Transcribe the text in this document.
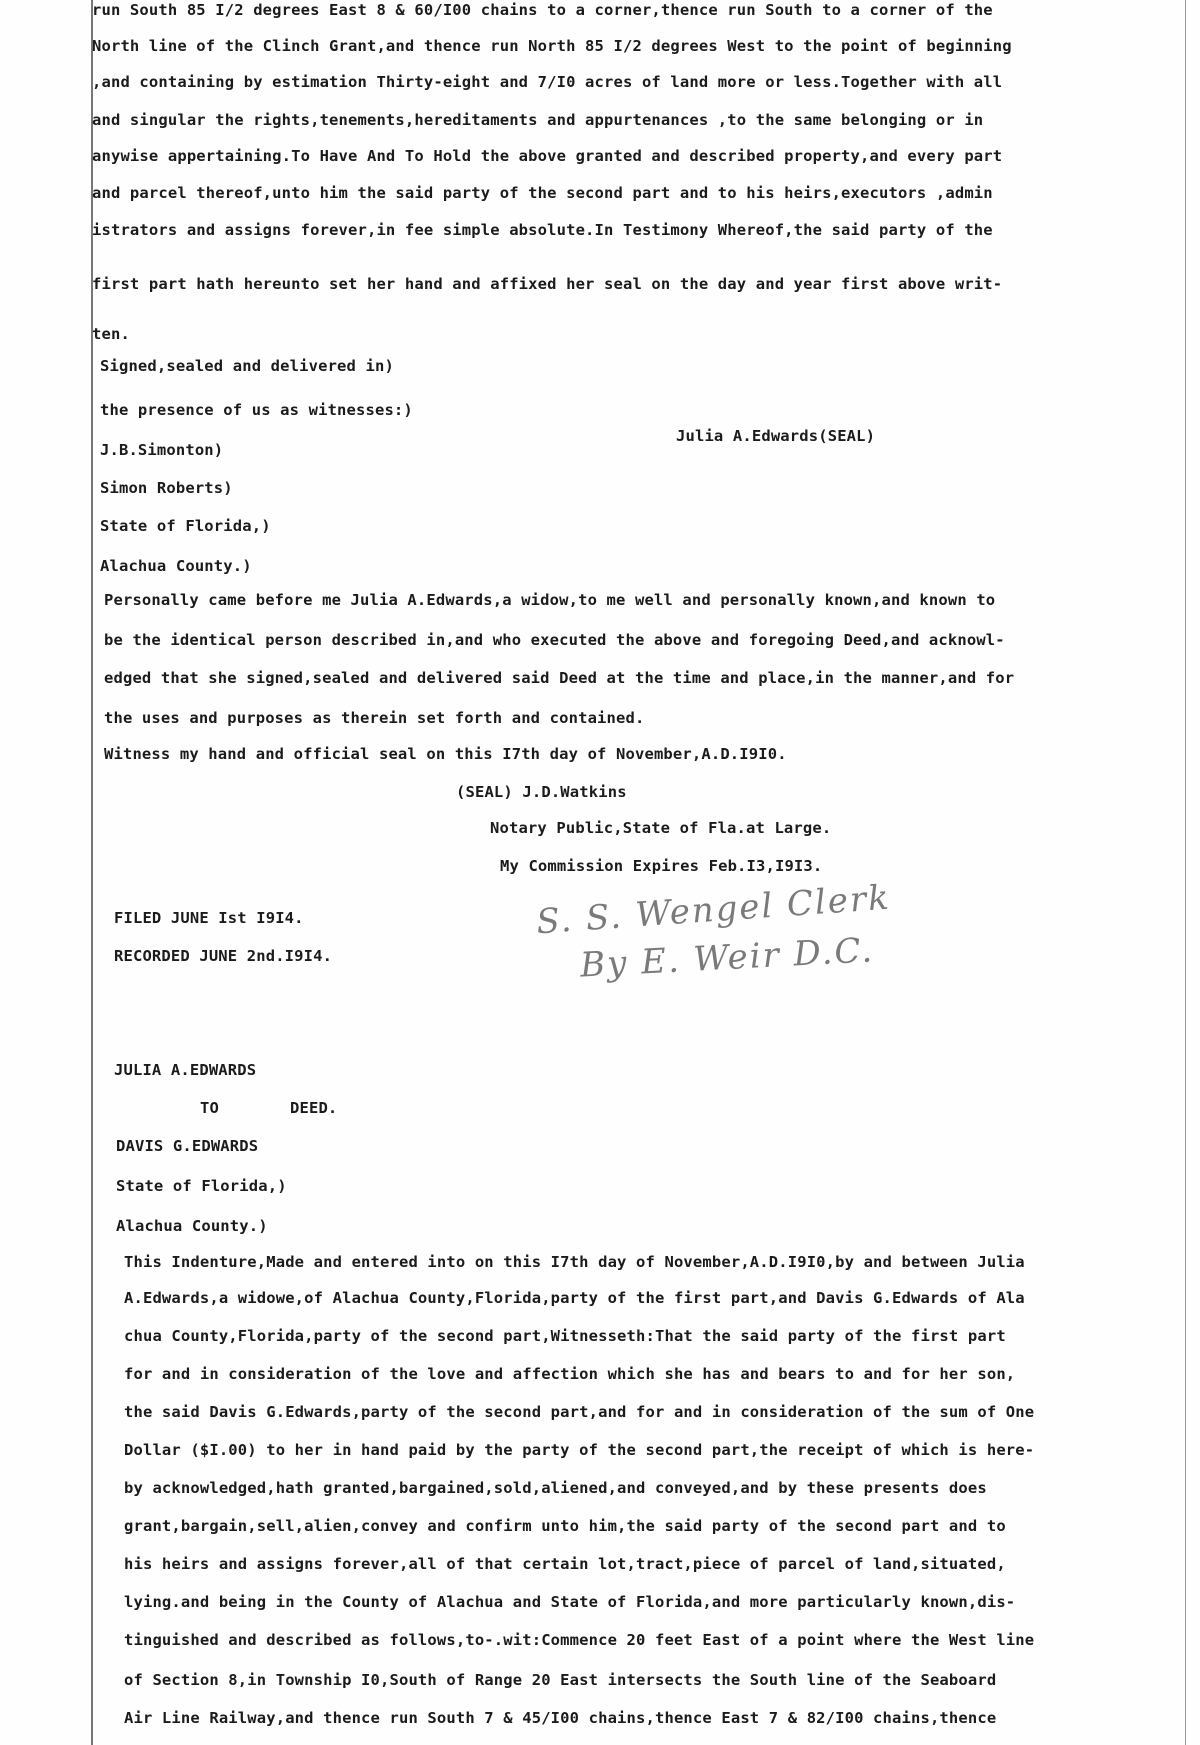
run South 85 I/2 degrees East 8 & 60/I00 chains to a corner,thence run South to a corner of the
North line of the Clinch Grant,and thence run North 85 I/2 degrees West to the point of beginning
,and containing by estimation Thirty-eight and 7/I0 acres of land more or less.Together with all
and singular the rights,tenements,hereditaments and appurtenances ,to the same belonging or in
anywise appertaining.To Have And To Hold the above granted and described property,and every part
and parcel thereof,unto him the said party of the second part and to his heirs,executors ,admin
istrators and assigns forever,in fee simple absolute.In Testimony Whereof,the said party of the
first part hath hereunto set her hand and affixed her seal on the day and year first above writ-
ten.
Signed,sealed and delivered in)
the presence of us as witnesses:)
Julia A.Edwards(SEAL)
J.B.Simonton)
Simon Roberts)
State of Florida,)
Alachua County.)
Personally came before me Julia A.Edwards,a widow,to me well and personally known,and known to
be the identical person described in,and who executed the above and foregoing Deed,and acknowl-
edged that she signed,sealed and delivered said Deed at the time and place,in the manner,and for
the uses and purposes as therein set forth and contained.
Witness my hand and official seal on this I7th day of November,A.D.I9I0.
(SEAL) J.D.Watkins
Notary Public,State of Fla.at Large.
My Commission Expires Feb.I3,I9I3.
FILED JUNE Ist I9I4.
RECORDED JUNE 2nd.I9I4.
S. S. Wengel Clerk
By E. Weir D.C.
JULIA A.EDWARDS
TO	DEED.
DAVIS G.EDWARDS
State of Florida,)
Alachua County.)
This Indenture,Made and entered into on this I7th day of November,A.D.I9I0,by and between Julia
A.Edwards,a widowe,of Alachua County,Florida,party of the first part,and Davis G.Edwards of Ala
chua County,Florida,party of the second part,Witnesseth:That the said party of the first part
for and in consideration of the love and affection which she has and bears to and for her son,
the said Davis G.Edwards,party of the second part,and for and in consideration of the sum of One
Dollar ($I.00) to her in hand paid by the party of the second part,the receipt of which is here-
by acknowledged,hath granted,bargained,sold,aliened,and conveyed,and by these presents does
grant,bargain,sell,alien,convey and confirm unto him,the said party of the second part and to
his heirs and assigns forever,all of that certain lot,tract,piece of parcel of land,situated,
lying.and being in the County of Alachua and State of Florida,and more particularly known,dis-
tinguished and described as follows,to-.wit:Commence 20 feet East of a point where the West line
of Section 8,in Township I0,South of Range 20 East intersects the South line of the Seaboard
Air Line Railway,and thence run South 7 & 45/I00 chains,thence East 7 & 82/I00 chains,thence
